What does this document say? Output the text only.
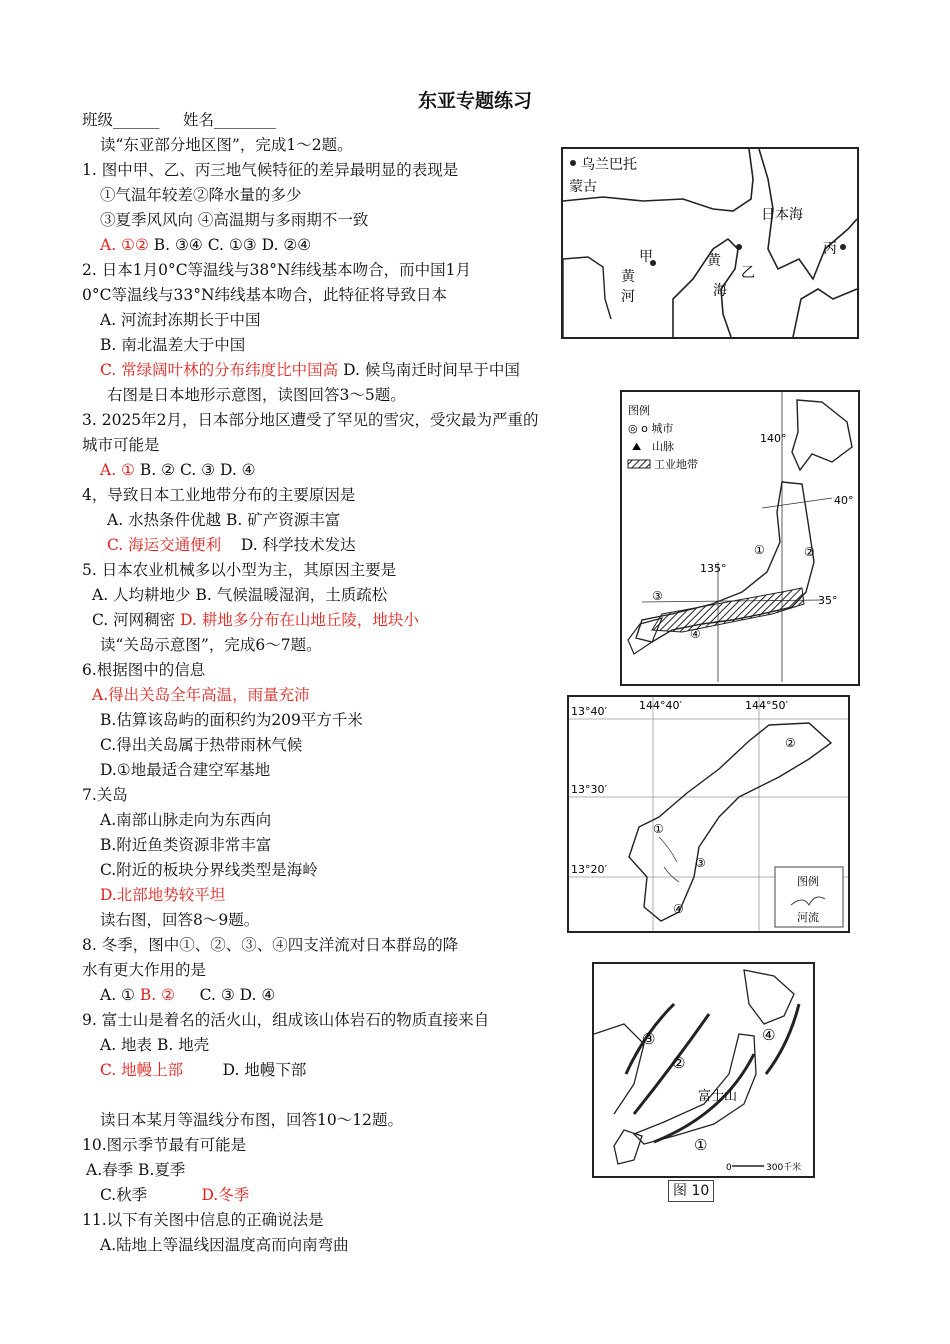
东亚专题练习
班级______ 姓名________
读“东亚部分地区图”，完成1～2题。
1. 图中甲、乙、丙三地气候特征的差异最明显的表现是
①气温年较差②降水量的多少
③夏季风风向 ④高温期与多雨期不一致
A. ①② B. ③④ C. ①③ D. ②④
2. 日本1月0°C等温线与38°N纬线基本吻合，而中国1月
0°C等温线与33°N纬线基本吻合，此特征将导致日本
A. 河流封冻期长于中国
B. 南北温差大于中国
C. 常绿阔叶林的分布纬度比中国高 D. 候鸟南迁时间早于中国
右图是日本地形示意图，读图回答3～5题。
3. 2025年2月，日本部分地区遭受了罕见的雪灾，受灾最为严重的
城市可能是
A. ① B. ② C. ③ D. ④
4，导致日本工业地带分布的主要原因是
A. 水热条件优越 B. 矿产资源丰富
C. 海运交通便利 D. 科学技术发达
5. 日本农业机械多以小型为主，其原因主要是
A. 人均耕地少 B. 气候温暖湿润，土质疏松
C. 河网稠密 D. 耕地多分布在山地丘陵，地块小
读“关岛示意图”，完成6～7题。
6.根据图中的信息
A.得出关岛全年高温，雨量充沛
B.估算该岛屿的面积约为209平方千米
C.得出关岛属于热带雨林气候
D.①地最适合建空军基地
7.关岛
A.南部山脉走向为东西向
B.附近鱼类资源非常丰富
C.附近的板块分界线类型是海岭
D.北部地势较平坦
读右图，回答8～9题。
8. 冬季，图中①、②、③、④四支洋流对日本群岛的降
水有更大作用的是
A. ① B. ② C. ③ D. ④
9. 富士山是着名的活火山，组成该山体岩石的物质直接来自
A. 地表 B. 地壳
C. 地幔上部	D. 地幔下部
读日本某月等温线分布图，回答10～12题。
10.图示季节最有可能是
A.春季 B.夏季
C.秋季	D.冬季
11.以下有关图中信息的正确说法是
A.陆地上等温线因温度高而向南弯曲
乌兰巴托
蒙古
日本海
甲
黄
河
黄
海
乙
丙
图例
◎ o 城市
⛰ 山脉
工业地带
140°
40°
135°
35°
①	②
③
④
13°40′	144°40′	144°50′
13°30′
13°20′
①
②
③
④
图例
河流
③	④
②
富士山
①
0	300千米
图 10
